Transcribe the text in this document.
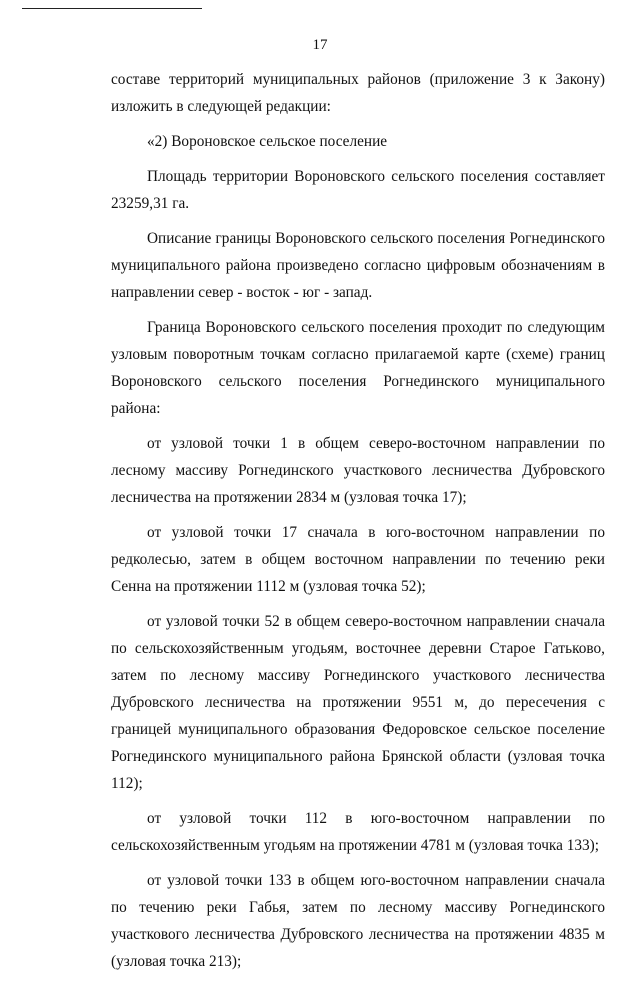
17

составе территорий муниципальных районов (приложение 3 к Закону) изложить в следующей редакции:

«2) Вороновское сельское поселение

Площадь территории Вороновского сельского поселения составляет 23259,31 га.

Описание границы Вороновского сельского поселения Рогнединского муниципального района произведено согласно цифровым обозначениям в направлении север - восток - юг - запад.

Граница Вороновского сельского поселения проходит по следующим узловым поворотным точкам согласно прилагаемой карте (схеме) границ Вороновского сельского поселения Рогнединского муниципального района:

от узловой точки 1 в общем северо-восточном направлении по лесному массиву Рогнединского участкового лесничества Дубровского лесничества на протяжении 2834 м (узловая точка 17);

от узловой точки 17 сначала в юго-восточном направлении по редколесью, затем в общем восточном направлении по течению реки Сенна на протяжении 1112 м (узловая точка 52);

от узловой точки 52 в общем северо-восточном направлении сначала по сельскохозяйственным угодьям, восточнее деревни Старое Гатьково, затем по лесному массиву Рогнединского участкового лесничества Дубровского лесничества на протяжении 9551 м, до пересечения с границей муниципального образования Федоровское сельское поселение Рогнединского муниципального района Брянской области (узловая точка 112);

от узловой точки 112 в юго-восточном направлении по сельскохозяйственным угодьям на протяжении 4781 м (узловая точка 133);

от узловой точки 133 в общем юго-восточном направлении сначала по течению реки Габья, затем по лесному массиву Рогнединского участкового лесничества Дубровского лесничества на протяжении 4835 м (узловая точка 213);
